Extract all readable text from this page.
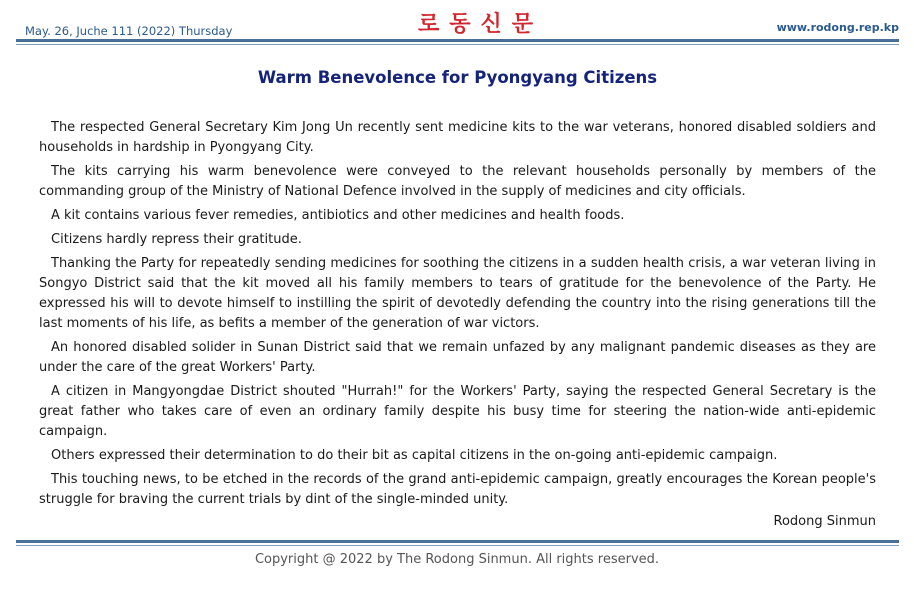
May. 26, Juche 111 (2022) Thursday	로동신문	www.rodong.rep.kp
Warm Benevolence for Pyongyang Citizens

The respected General Secretary Kim Jong Un recently sent medicine kits to the war veterans, honored disabled soldiers and households in hardship in Pyongyang City.

The kits carrying his warm benevolence were conveyed to the relevant households personally by members of the commanding group of the Ministry of National Defence involved in the supply of medicines and city officials.

A kit contains various fever remedies, antibiotics and other medicines and health foods.

Citizens hardly repress their gratitude.

Thanking the Party for repeatedly sending medicines for soothing the citizens in a sudden health crisis, a war veteran living in Songyo District said that the kit moved all his family members to tears of gratitude for the benevolence of the Party. He expressed his will to devote himself to instilling the spirit of devotedly defending the country into the rising generations till the last moments of his life, as befits a member of the generation of war victors.

An honored disabled solider in Sunan District said that we remain unfazed by any malignant pandemic diseases as they are under the care of the great Workers' Party.

A citizen in Mangyongdae District shouted "Hurrah!" for the Workers' Party, saying the respected General Secretary is the great father who takes care of even an ordinary family despite his busy time for steering the nation-wide anti-epidemic campaign.

Others expressed their determination to do their bit as capital citizens in the on-going anti-epidemic campaign.

This touching news, to be etched in the records of the grand anti-epidemic campaign, greatly encourages the Korean people's struggle for braving the current trials by dint of the single-minded unity.

Rodong Sinmun
Copyright @ 2022 by The Rodong Sinmun. All rights reserved.
